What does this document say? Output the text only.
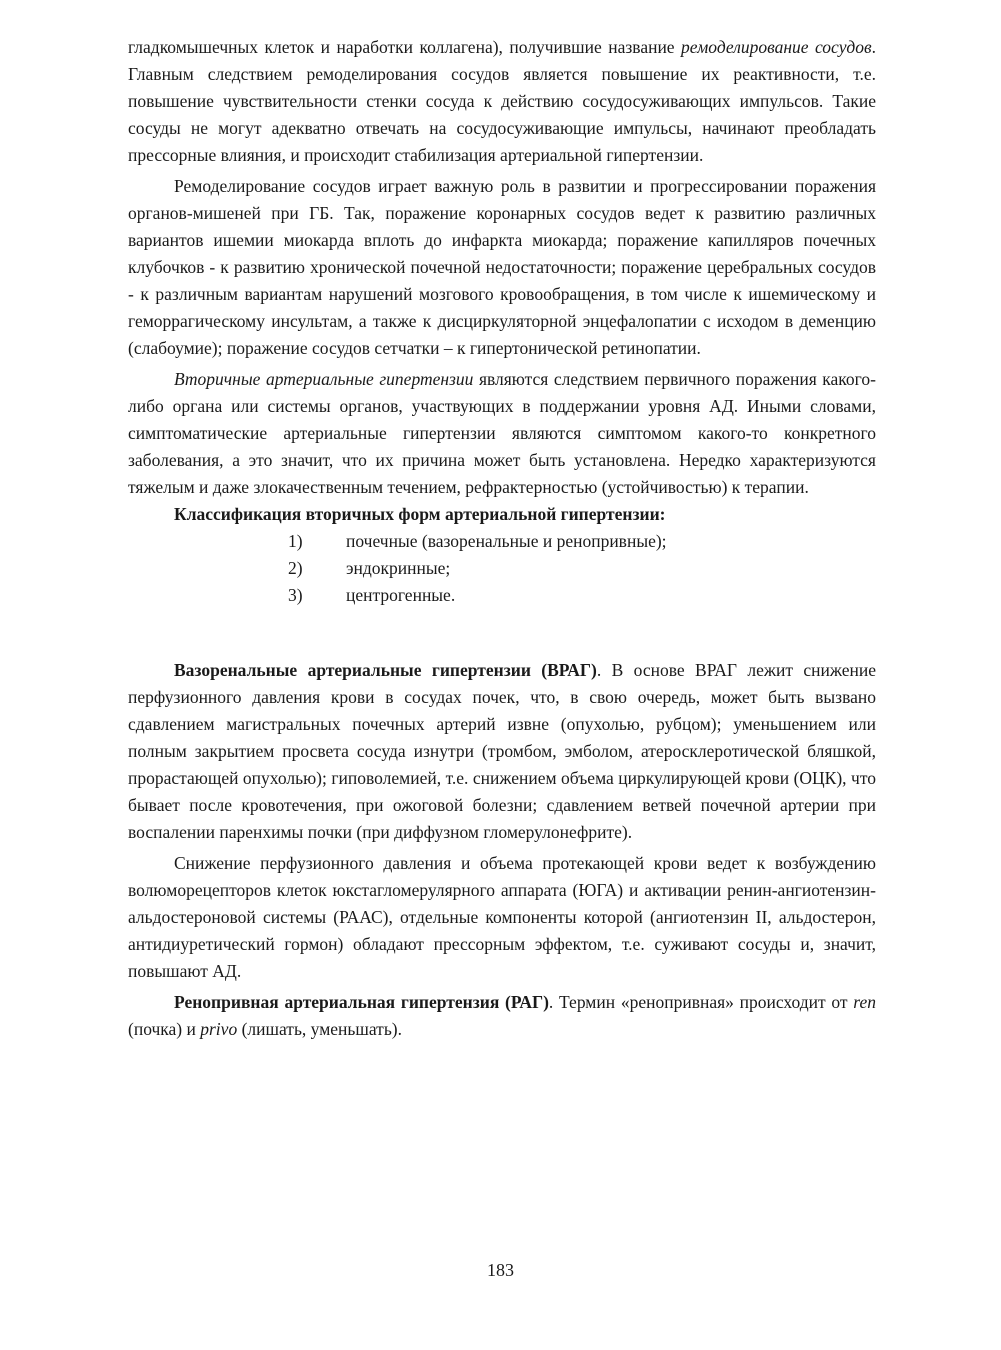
гладкомышечных клеток и наработки коллагена), получившие название ремоделирование сосудов. Главным следствием ремоделирования сосудов является повышение их реактивности, т.е. повышение чувствительности стенки сосуда к действию сосудосуживающих импульсов. Такие сосуды не могут адекватно отвечать на сосудосуживающие импульсы, начинают преобладать прессорные влияния, и происходит стабилизация артериальной гипертензии.

Ремоделирование сосудов играет важную роль в развитии и прогрессировании поражения органов-мишеней при ГБ. Так, поражение коронарных сосудов ведет к развитию различных вариантов ишемии миокарда вплоть до инфаркта миокарда; поражение капилляров почечных клубочков - к развитию хронической почечной недостаточности; поражение церебральных сосудов - к различным вариантам нарушений мозгового кровообращения, в том числе к ишемическому и геморрагическому инсультам, а также к дисциркуляторной энцефалопатии с исходом в деменцию (слабоумие); поражение сосудов сетчатки – к гипертонической ретинопатии.

Вторичные артериальные гипертензии являются следствием первичного поражения какого-либо органа или системы органов, участвующих в поддержании уровня АД. Иными словами, симптоматические артериальные гипертензии являются симптомом какого-то конкретного заболевания, а это значит, что их причина может быть установлена. Нередко характеризуются тяжелым и даже злокачественным течением, рефрактерностью (устойчивостью) к терапии.

Классификация вторичных форм артериальной гипертензии:

1) почечные (вазоренальные и ренопривные);
2) эндокринные;
3) центрогенные.

Вазоренальные артериальные гипертензии (ВРАГ). В основе ВРАГ лежит снижение перфузионного давления крови в сосудах почек, что, в свою очередь, может быть вызвано сдавлением магистральных почечных артерий извне (опухолью, рубцом); уменьшением или полным закрытием просвета сосуда изнутри (тромбом, эмболом, атеросклеротической бляшкой, прорастающей опухолью); гиповолемией, т.е. снижением объема циркулирующей крови (ОЦК), что бывает после кровотечения, при ожоговой болезни; сдавлением ветвей почечной артерии при воспалении паренхимы почки (при диффузном гломерулонефрите).

Снижение перфузионного давления и объема протекающей крови ведет к возбуждению волюморецепторов клеток юкстагломерулярного аппарата (ЮГА) и активации ренин-ангиотензин-альдостероновой системы (РААС), отдельные компоненты которой (ангиотензин II, альдостерон, антидиуретический гормон) обладают прессорным эффектом, т.е. суживают сосуды и, значит, повышают АД.

Ренопривная артериальная гипертензия (РАГ). Термин «ренопривная» происходит от ren (почка) и privo (лишать, уменьшать).

183
